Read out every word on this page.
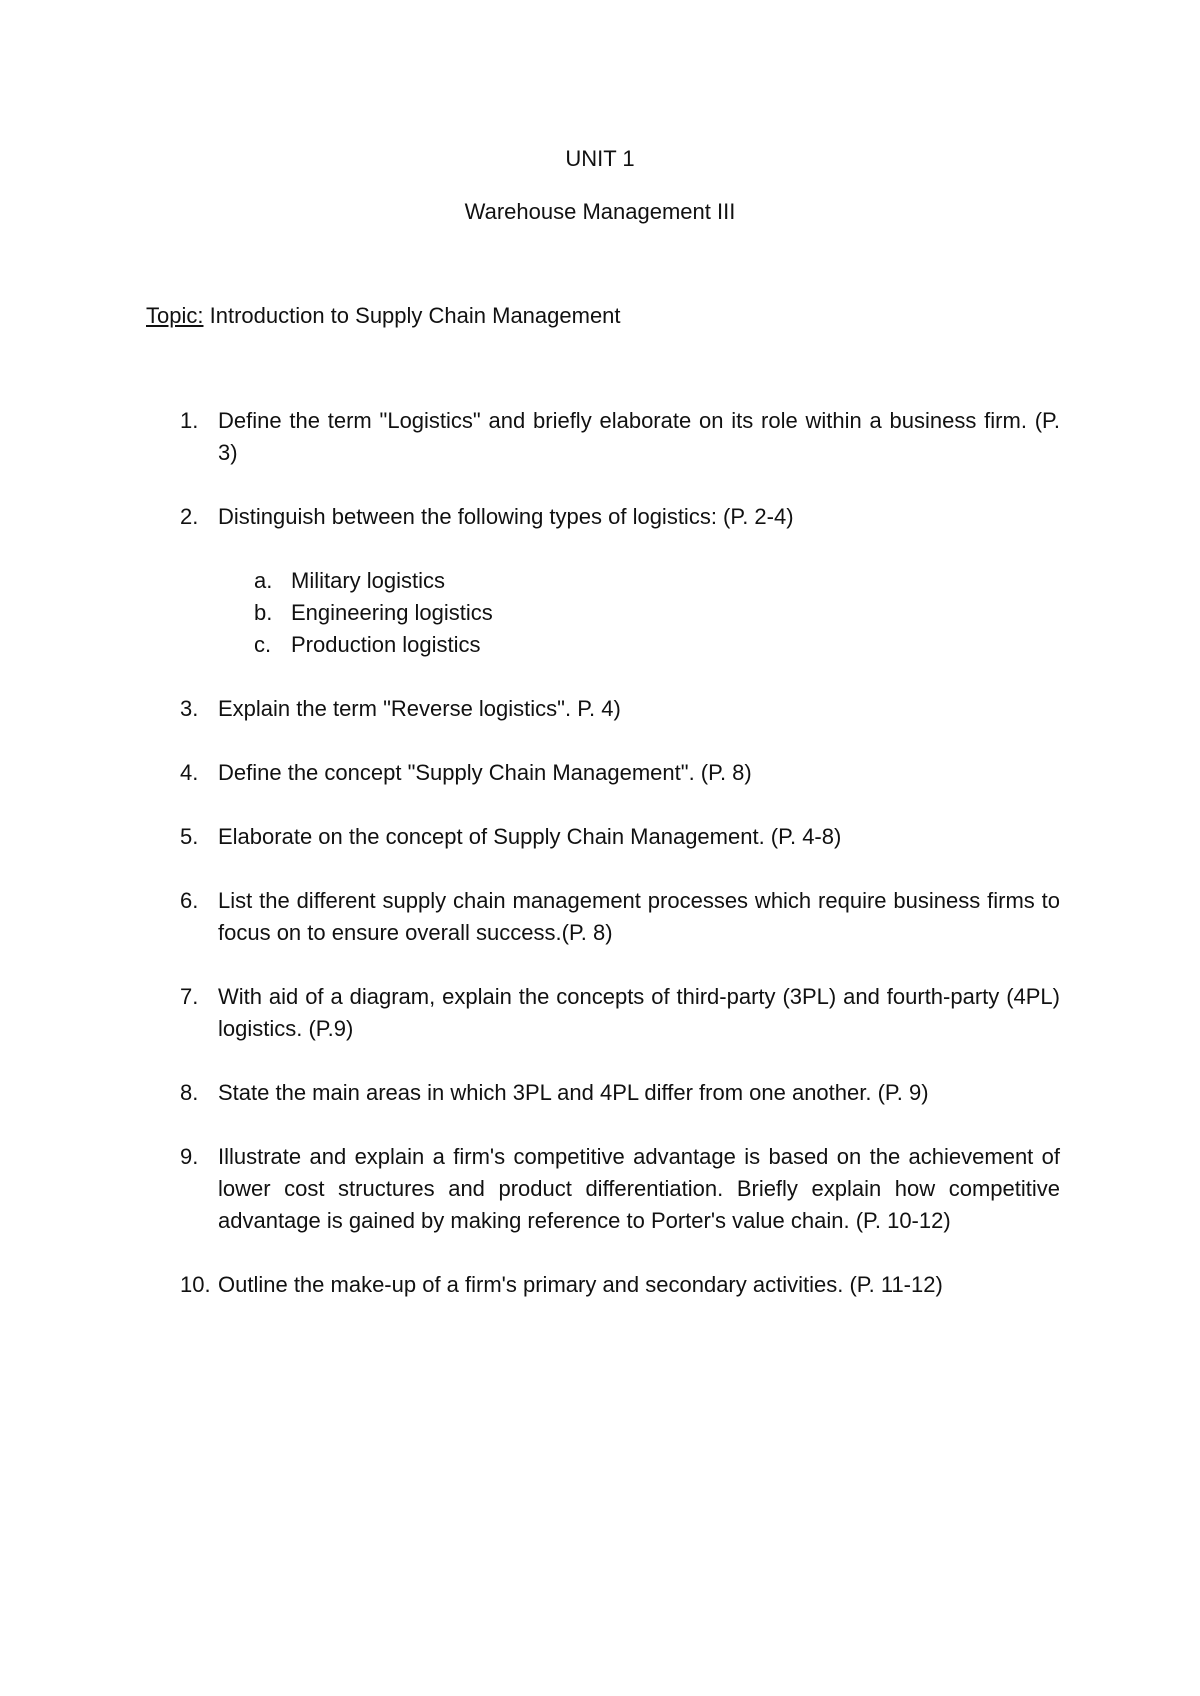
UNIT 1
Warehouse Management III
Topic: Introduction to Supply Chain Management
1. Define the term "Logistics" and briefly elaborate on its role within a business firm. (P. 3)
2. Distinguish between the following types of logistics: (P. 2-4)
a. Military logistics
b. Engineering logistics
c. Production logistics
3. Explain the term "Reverse logistics". P. 4)
4. Define the concept "Supply Chain Management". (P. 8)
5. Elaborate on the concept of Supply Chain Management. (P. 4-8)
6. List the different supply chain management processes which require business firms to focus on to ensure overall success.(P. 8)
7. With aid of a diagram, explain the concepts of third-party (3PL) and fourth-party (4PL) logistics. (P.9)
8. State the main areas in which 3PL and 4PL differ from one another. (P. 9)
9. Illustrate and explain a firm's competitive advantage is based on the achievement of lower cost structures and product differentiation. Briefly explain how competitive advantage is gained by making reference to Porter's value chain. (P. 10-12)
10. Outline the make-up of a firm's primary and secondary activities. (P. 11-12)
